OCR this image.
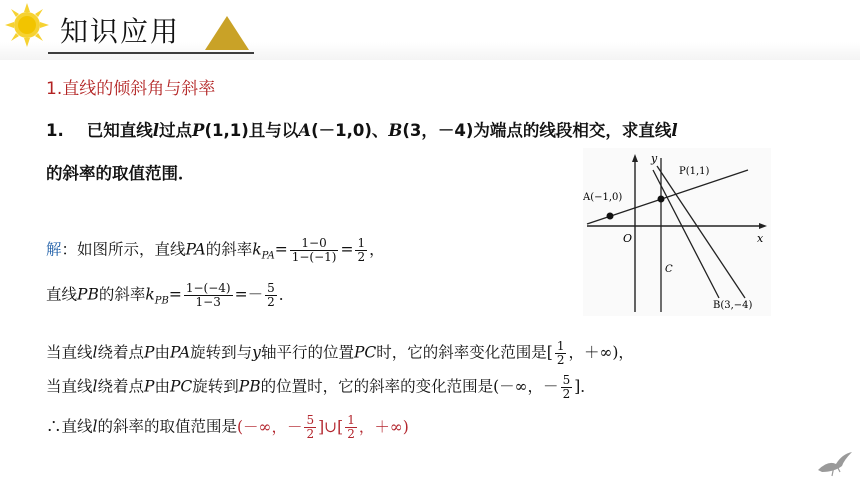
知识应用
1.直线的倾斜角与斜率
1. 已知直线l过点P(1,1)且与以A(－1,0)、B(3，－4)为端点的线段相交，求直线l
的斜率的取值范围．
y
x
O
P(1,1)
A(−1,0)
C
B(3,−4)
解：如图所示，直线PA的斜率$k_{PA}= \frac{1-0}{1-(-1)} = \frac{1}{2}$ ，
直线PB的斜率$k_{PB}= \frac{1-(-4)}{1-3} =- \frac{5}{2}$ ．
当直线l绕着点P由PA旋转到与y轴平行的位置PC时，它的斜率变化范围是[ $\frac{1}{2}$ ，＋∞)，
当直线l绕着点P由PC旋转到PB的位置时，它的斜率的变化范围是(－∞，－ $\frac{5}{2}$ ]．
∴直线l的斜率的取值范围是(－∞，－ $\frac{5}{2}$ ]∪[ $\frac{1}{2}$ ，＋∞)
